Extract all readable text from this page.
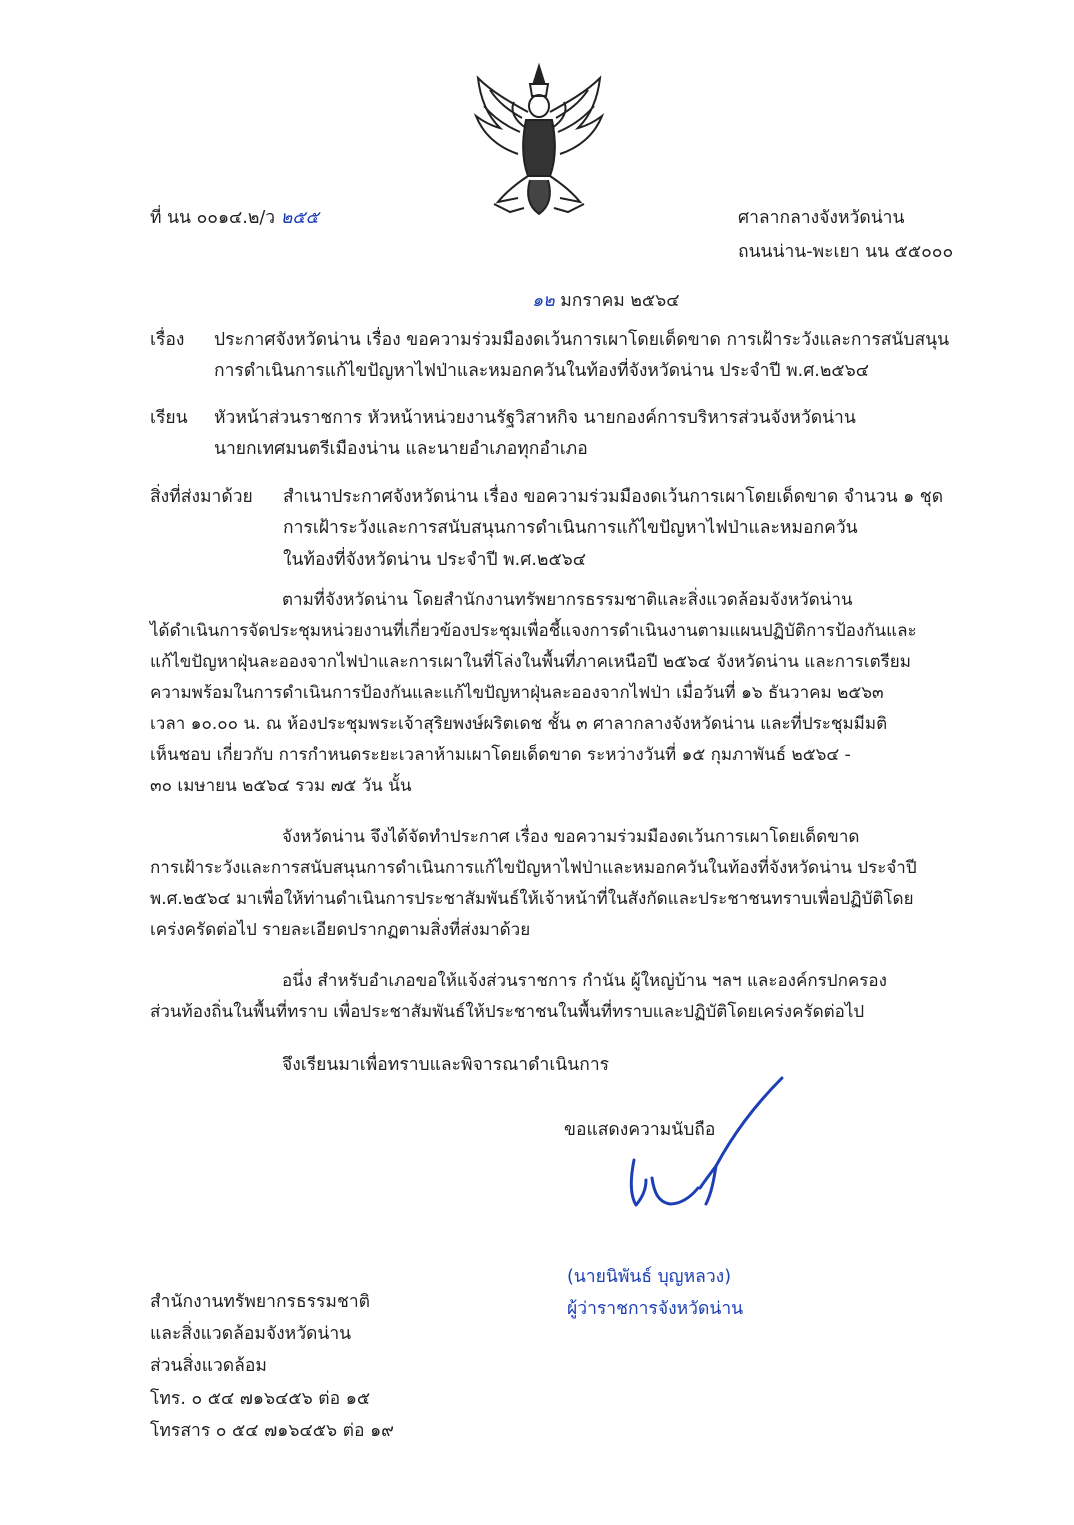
ที่ นน ๐๐๑๔.๒/ว ๒๕๕	ศาลากลางจังหวัดน่าน
ถนนน่าน-พะเยา นน ๕๕๐๐๐
๑๒ มกราคม ๒๕๖๔
เรื่อง ประกาศจังหวัดน่าน เรื่อง ขอความร่วมมืองดเว้นการเผาโดยเด็ดขาด การเฝ้าระวังและการสนับสนุน
การดำเนินการแก้ไขปัญหาไฟป่าและหมอกควันในท้องที่จังหวัดน่าน ประจำปี พ.ศ.๒๕๖๔
เรียน หัวหน้าส่วนราชการ หัวหน้าหน่วยงานรัฐวิสาหกิจ นายกองค์การบริหารส่วนจังหวัดน่าน
นายกเทศมนตรีเมืองน่าน และนายอำเภอทุกอำเภอ
สิ่งที่ส่งมาด้วย สำเนาประกาศจังหวัดน่าน เรื่อง ขอความร่วมมืองดเว้นการเผาโดยเด็ดขาด จำนวน ๑ ชุด
การเฝ้าระวังและการสนับสนุนการดำเนินการแก้ไขปัญหาไฟป่าและหมอกควัน
ในท้องที่จังหวัดน่าน ประจำปี พ.ศ.๒๕๖๔
ตามที่จังหวัดน่าน โดยสำนักงานทรัพยากรธรรมชาติและสิ่งแวดล้อมจังหวัดน่าน
ได้ดำเนินการจัดประชุมหน่วยงานที่เกี่ยวข้องประชุมเพื่อชี้แจงการดำเนินงานตามแผนปฏิบัติการป้องกันและ
แก้ไขปัญหาฝุ่นละอองจากไฟป่าและการเผาในที่โล่งในพื้นที่ภาคเหนือปี ๒๕๖๔ จังหวัดน่าน และการเตรียม
ความพร้อมในการดำเนินการป้องกันและแก้ไขปัญหาฝุ่นละอองจากไฟป่า เมื่อวันที่ ๑๖ ธันวาคม ๒๕๖๓
เวลา ๑๐.๐๐ น. ณ ห้องประชุมพระเจ้าสุริยพงษ์ผริตเดช ชั้น ๓ ศาลากลางจังหวัดน่าน และที่ประชุมมีมติ
เห็นชอบ เกี่ยวกับ การกำหนดระยะเวลาห้ามเผาโดยเด็ดขาด ระหว่างวันที่ ๑๕ กุมภาพันธ์ ๒๕๖๔ -
๓๐ เมษายน ๒๕๖๔ รวม ๗๕ วัน นั้น
จังหวัดน่าน จึงได้จัดทำประกาศ เรื่อง ขอความร่วมมืองดเว้นการเผาโดยเด็ดขาด
การเฝ้าระวังและการสนับสนุนการดำเนินการแก้ไขปัญหาไฟป่าและหมอกควันในท้องที่จังหวัดน่าน ประจำปี
พ.ศ.๒๕๖๔ มาเพื่อให้ท่านดำเนินการประชาสัมพันธ์ให้เจ้าหน้าที่ในสังกัดและประชาชนทราบเพื่อปฏิบัติโดย
เคร่งครัดต่อไป รายละเอียดปรากฏตามสิ่งที่ส่งมาด้วย
อนึ่ง สำหรับอำเภอขอให้แจ้งส่วนราชการ กำนัน ผู้ใหญ่บ้าน ฯลฯ และองค์กรปกครอง
ส่วนท้องถิ่นในพื้นที่ทราบ เพื่อประชาสัมพันธ์ให้ประชาชนในพื้นที่ทราบและปฏิบัติโดยเคร่งครัดต่อไป
จึงเรียนมาเพื่อทราบและพิจารณาดำเนินการ
ขอแสดงความนับถือ
(นายนิพันธ์ บุญหลวง)
ผู้ว่าราชการจังหวัดน่าน
สำนักงานทรัพยากรธรรมชาติ
และสิ่งแวดล้อมจังหวัดน่าน
ส่วนสิ่งแวดล้อม
โทร. ๐ ๕๔ ๗๑๖๔๕๖ ต่อ ๑๕
โทรสาร ๐ ๕๔ ๗๑๖๔๕๖ ต่อ ๑๙
